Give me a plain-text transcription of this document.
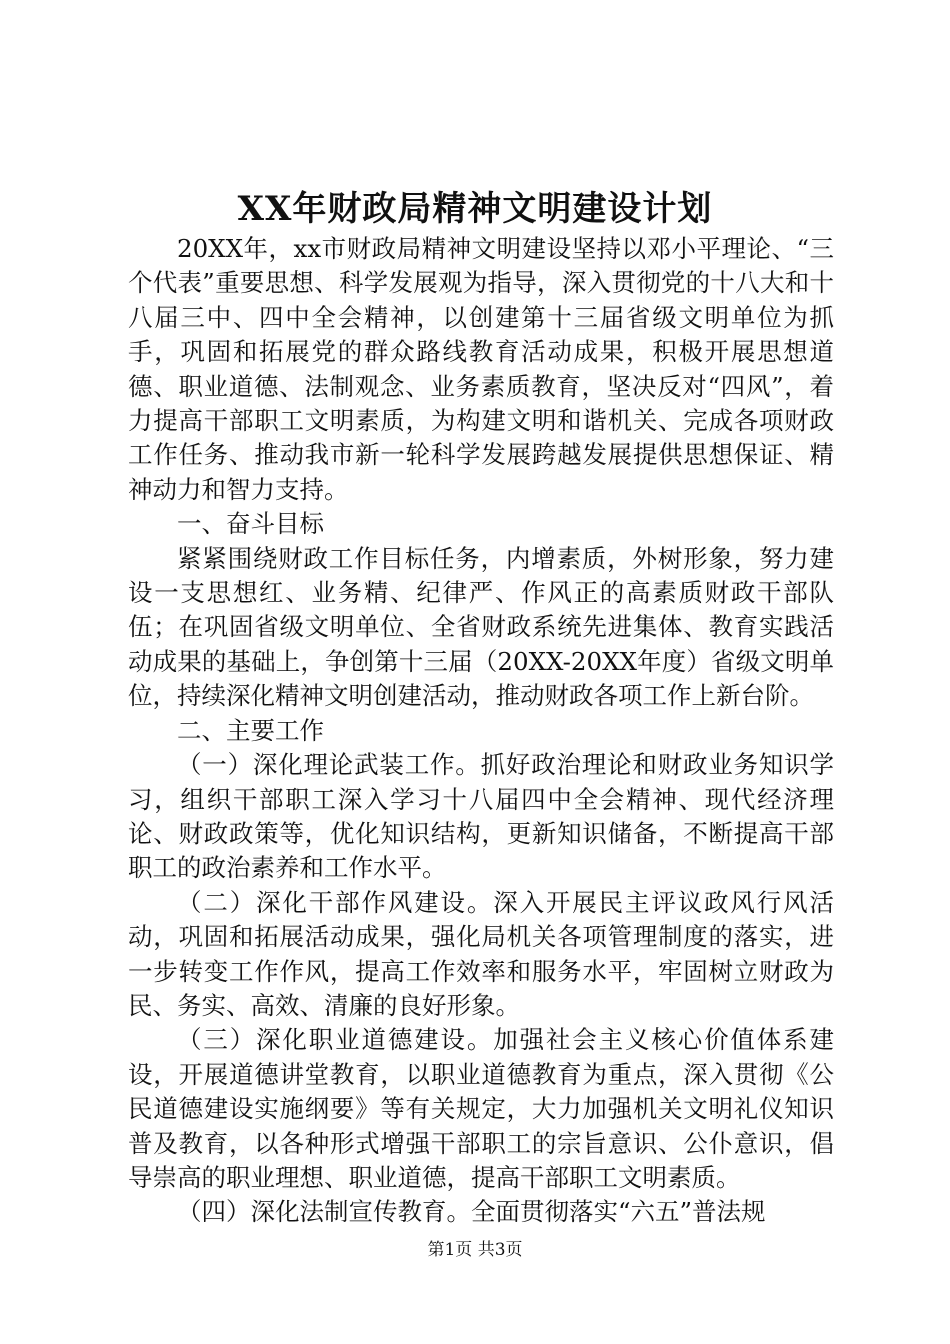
XX年财政局精神文明建设计划

20XX年，xx市财政局精神文明建设坚持以邓小平理论、“三个代表”重要思想、科学发展观为指导，深入贯彻党的十八大和十八届三中、四中全会精神，以创建第十三届省级文明单位为抓手，巩固和拓展党的群众路线教育活动成果，积极开展思想道德、职业道德、法制观念、业务素质教育，坚决反对“四风”，着力提高干部职工文明素质，为构建文明和谐机关、完成各项财政工作任务、推动我市新一轮科学发展跨越发展提供思想保证、精神动力和智力支持。

一、奋斗目标

紧紧围绕财政工作目标任务，内增素质，外树形象，努力建设一支思想红、业务精、纪律严、作风正的高素质财政干部队伍；在巩固省级文明单位、全省财政系统先进集体、教育实践活动成果的基础上，争创第十三届（20XX-20XX年度）省级文明单位，持续深化精神文明创建活动，推动财政各项工作上新台阶。

二、主要工作

（一）深化理论武装工作。抓好政治理论和财政业务知识学习，组织干部职工深入学习十八届四中全会精神、现代经济理论、财政政策等，优化知识结构，更新知识储备，不断提高干部职工的政治素养和工作水平。

（二）深化干部作风建设。深入开展民主评议政风行风活动，巩固和拓展活动成果，强化局机关各项管理制度的落实，进一步转变工作作风，提高工作效率和服务水平，牢固树立财政为民、务实、高效、清廉的良好形象。

（三）深化职业道德建设。加强社会主义核心价值体系建设，开展道德讲堂教育，以职业道德教育为重点，深入贯彻《公民道德建设实施纲要》等有关规定，大力加强机关文明礼仪知识普及教育，以各种形式增强干部职工的宗旨意识、公仆意识，倡导崇高的职业理想、职业道德，提高干部职工文明素质。

（四）深化法制宣传教育。全面贯彻落实“六五”普法规

第1页 共3页
